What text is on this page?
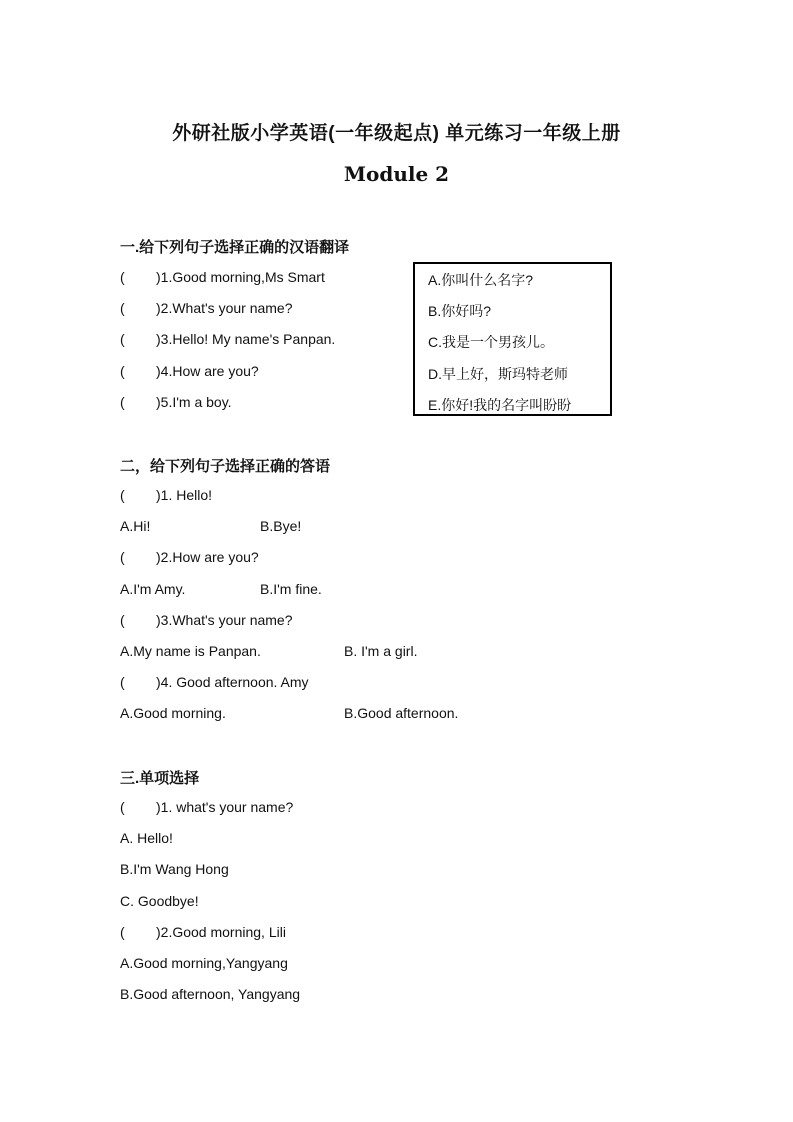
外研社版小学英语(一年级起点) 单元练习一年级上册
Module 2
一.给下列句子选择正确的汉语翻译
( )1.Good morning,Ms Smart
( )2.What's your name?
( )3.Hello! My name's Panpan.
( )4.How are you?
( )5.I'm a boy.
A.你叫什么名字?
B.你好吗?
C.我是一个男孩儿。
D.早上好，斯玛特老师
E.你好!我的名字叫盼盼
二，给下列句子选择正确的答语
( )1. Hello!
A.Hi!	B.Bye!
( )2.How are you?
A.I'm Amy.	B.I'm fine.
( )3.What's your name?
A.My name is Panpan.	B. I'm a girl.
( )4. Good afternoon. Amy
A.Good morning.	B.Good afternoon.
三.单项选择
( )1. what's your name?
A. Hello!
B.I'm Wang Hong
C. Goodbye!
( )2.Good morning, Lili
A.Good morning,Yangyang
B.Good afternoon, Yangyang
